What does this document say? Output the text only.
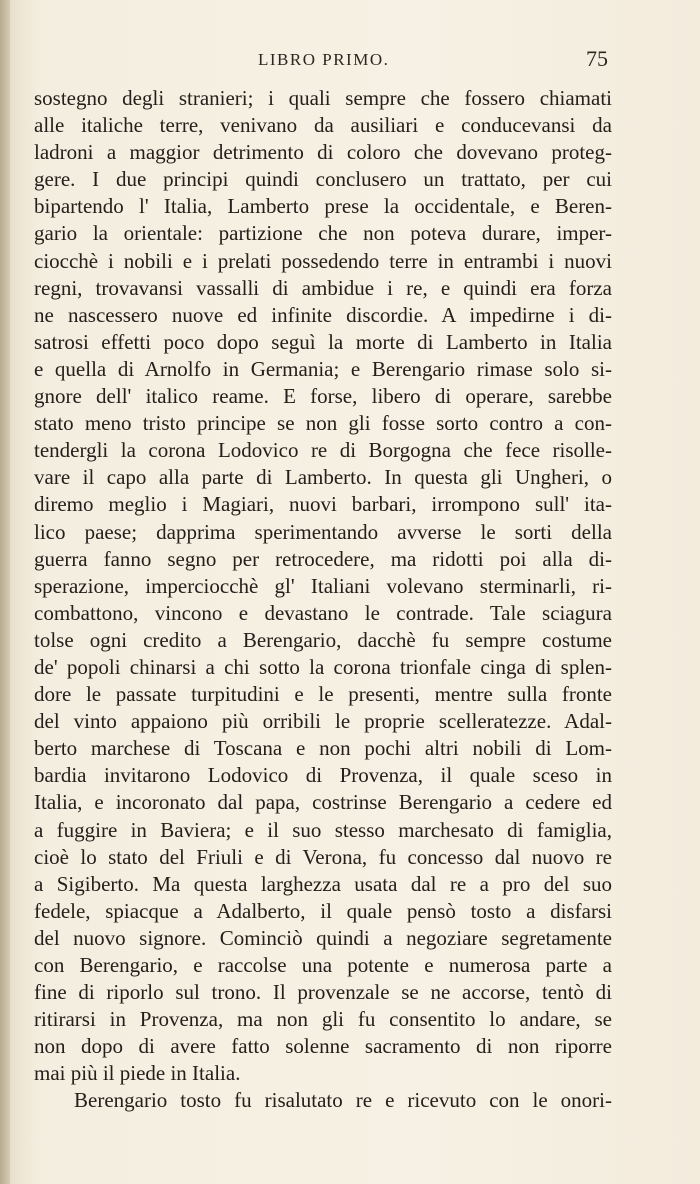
LIBRO PRIMO.	75
sostegno degli stranieri; i quali sempre che fossero chiamati
alle italiche terre, venivano da ausiliari e conducevansi da
ladroni a maggior detrimento di coloro che dovevano proteg-
gere. I due principi quindi conclusero un trattato, per cui
bipartendo l' Italia, Lamberto prese la occidentale, e Beren-
gario la orientale: partizione che non poteva durare, imper-
ciocchè i nobili e i prelati possedendo terre in entrambi i nuovi
regni, trovavansi vassalli di ambidue i re, e quindi era forza
ne nascessero nuove ed infinite discordie. A impedirne i di-
satrosi effetti poco dopo seguì la morte di Lamberto in Italia
e quella di Arnolfo in Germania; e Berengario rimase solo si-
gnore dell' italico reame. E forse, libero di operare, sarebbe
stato meno tristo principe se non gli fosse sorto contro a con-
tendergli la corona Lodovico re di Borgogna che fece risolle-
vare il capo alla parte di Lamberto. In questa gli Ungheri, o
diremo meglio i Magiari, nuovi barbari, irrompono sull' ita-
lico paese; dapprima sperimentando avverse le sorti della
guerra fanno segno per retrocedere, ma ridotti poi alla di-
sperazione, imperciocchè gl' Italiani volevano sterminarli, ri-
combattono, vincono e devastano le contrade. Tale sciagura
tolse ogni credito a Berengario, dacchè fu sempre costume
de' popoli chinarsi a chi sotto la corona trionfale cinga di splen-
dore le passate turpitudini e le presenti, mentre sulla fronte
del vinto appaiono più orribili le proprie scelleratezze. Adal-
berto marchese di Toscana e non pochi altri nobili di Lom-
bardia invitarono Lodovico di Provenza, il quale sceso in
Italia, e incoronato dal papa, costrinse Berengario a cedere ed
a fuggire in Baviera; e il suo stesso marchesato di famiglia,
cioè lo stato del Friuli e di Verona, fu concesso dal nuovo re
a Sigiberto. Ma questa larghezza usata dal re a pro del suo
fedele, spiacque a Adalberto, il quale pensò tosto a disfarsi
del nuovo signore. Cominciò quindi a negoziare segretamente
con Berengario, e raccolse una potente e numerosa parte a
fine di riporlo sul trono. Il provenzale se ne accorse, tentò di
ritirarsi in Provenza, ma non gli fu consentito lo andare, se
non dopo di avere fatto solenne sacramento di non riporre
mai più il piede in Italia.
Berengario tosto fu risalutato re e ricevuto con le onori-
